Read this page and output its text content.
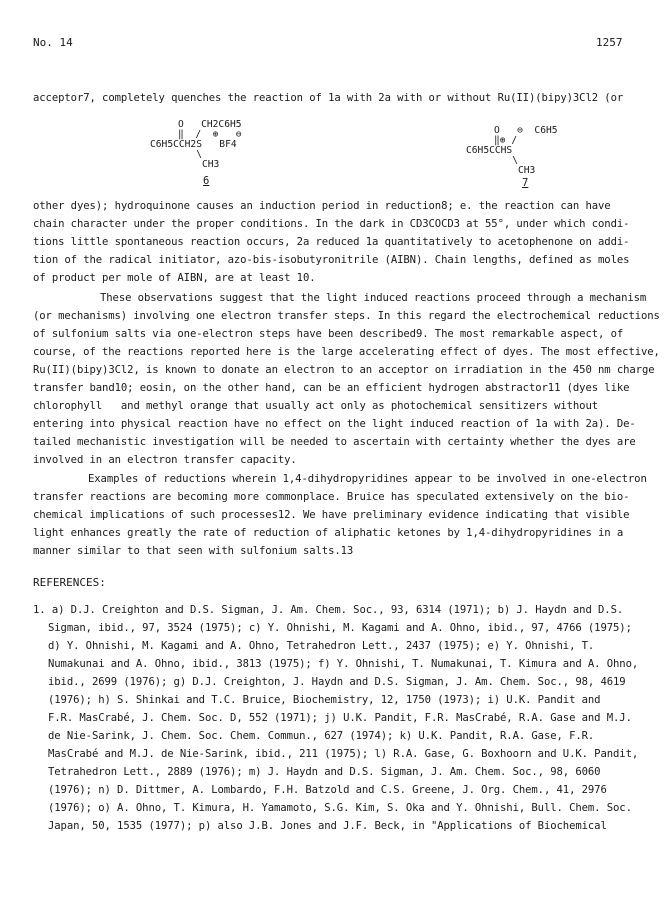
No. 14	1257
acceptor7, completely quenches the reaction of 1a with 2a with or without Ru(II)(bipy)3Cl2 (or
O   CH2C6H5
‖  /  ⊕   ⊖
C6H5CCH2S   BF4
\
CH3
6
O   ⊖  C6H5
‖⊕ /
C6H5CCHS
\
CH3
7
other dyes); hydroquinone causes an induction period in reduction8; e. the reaction can have
chain character under the proper conditions. In the dark in CD3COCD3 at 55°, under which condi-
tions little spontaneous reaction occurs, 2a reduced 1a quantitatively to acetophenone on addi-
tion of the radical initiator, azo-bis-isobutyronitrile (AIBN). Chain lengths, defined as moles
of product per mole of AIBN, are at least 10.
These observations suggest that the light induced reactions proceed through a mechanism
(or mechanisms) involving one electron transfer steps. In this regard the electrochemical reductions
of sulfonium salts via one-electron steps have been described9. The most remarkable aspect, of
course, of the reactions reported here is the large accelerating effect of dyes. The most effective,
Ru(II)(bipy)3Cl2, is known to donate an electron to an acceptor on irradiation in the 450 nm charge
transfer band10; eosin, on the other hand, can be an efficient hydrogen abstractor11 (dyes like
chlorophyll   and methyl orange that usually act only as photochemical sensitizers without
entering into physical reaction have no effect on the light induced reaction of 1a with 2a). De-
tailed mechanistic investigation will be needed to ascertain with certainty whether the dyes are
involved in an electron transfer capacity.
Examples of reductions wherein 1,4-dihydropyridines appear to be involved in one-electron
transfer reactions are becoming more commonplace. Bruice has speculated extensively on the bio-
chemical implications of such processes12. We have preliminary evidence indicating that visible
light enhances greatly the rate of reduction of aliphatic ketones by 1,4-dihydropyridines in a
manner similar to that seen with sulfonium salts.13
REFERENCES:
1. a) D.J. Creighton and D.S. Sigman, J. Am. Chem. Soc., 93, 6314 (1971); b) J. Haydn and D.S.
Sigman, ibid., 97, 3524 (1975); c) Y. Ohnishi, M. Kagami and A. Ohno, ibid., 97, 4766 (1975);
d) Y. Ohnishi, M. Kagami and A. Ohno, Tetrahedron Lett., 2437 (1975); e) Y. Ohnishi, T.
Numakunai and A. Ohno, ibid., 3813 (1975); f) Y. Ohnishi, T. Numakunai, T. Kimura and A. Ohno,
ibid., 2699 (1976); g) D.J. Creighton, J. Haydn and D.S. Sigman, J. Am. Chem. Soc., 98, 4619
(1976); h) S. Shinkai and T.C. Bruice, Biochemistry, 12, 1750 (1973); i) U.K. Pandit and
F.R. MasCrabé, J. Chem. Soc. D, 552 (1971); j) U.K. Pandit, F.R. MasCrabé, R.A. Gase and M.J.
de Nie-Sarink, J. Chem. Soc. Chem. Commun., 627 (1974); k) U.K. Pandit, R.A. Gase, F.R.
MasCrabé and M.J. de Nie-Sarink, ibid., 211 (1975); l) R.A. Gase, G. Boxhoorn and U.K. Pandit,
Tetrahedron Lett., 2889 (1976); m) J. Haydn and D.S. Sigman, J. Am. Chem. Soc., 98, 6060
(1976); n) D. Dittmer, A. Lombardo, F.H. Batzold and C.S. Greene, J. Org. Chem., 41, 2976
(1976); o) A. Ohno, T. Kimura, H. Yamamoto, S.G. Kim, S. Oka and Y. Ohnishi, Bull. Chem. Soc.
Japan, 50, 1535 (1977); p) also J.B. Jones and J.F. Beck, in "Applications of Biochemical
